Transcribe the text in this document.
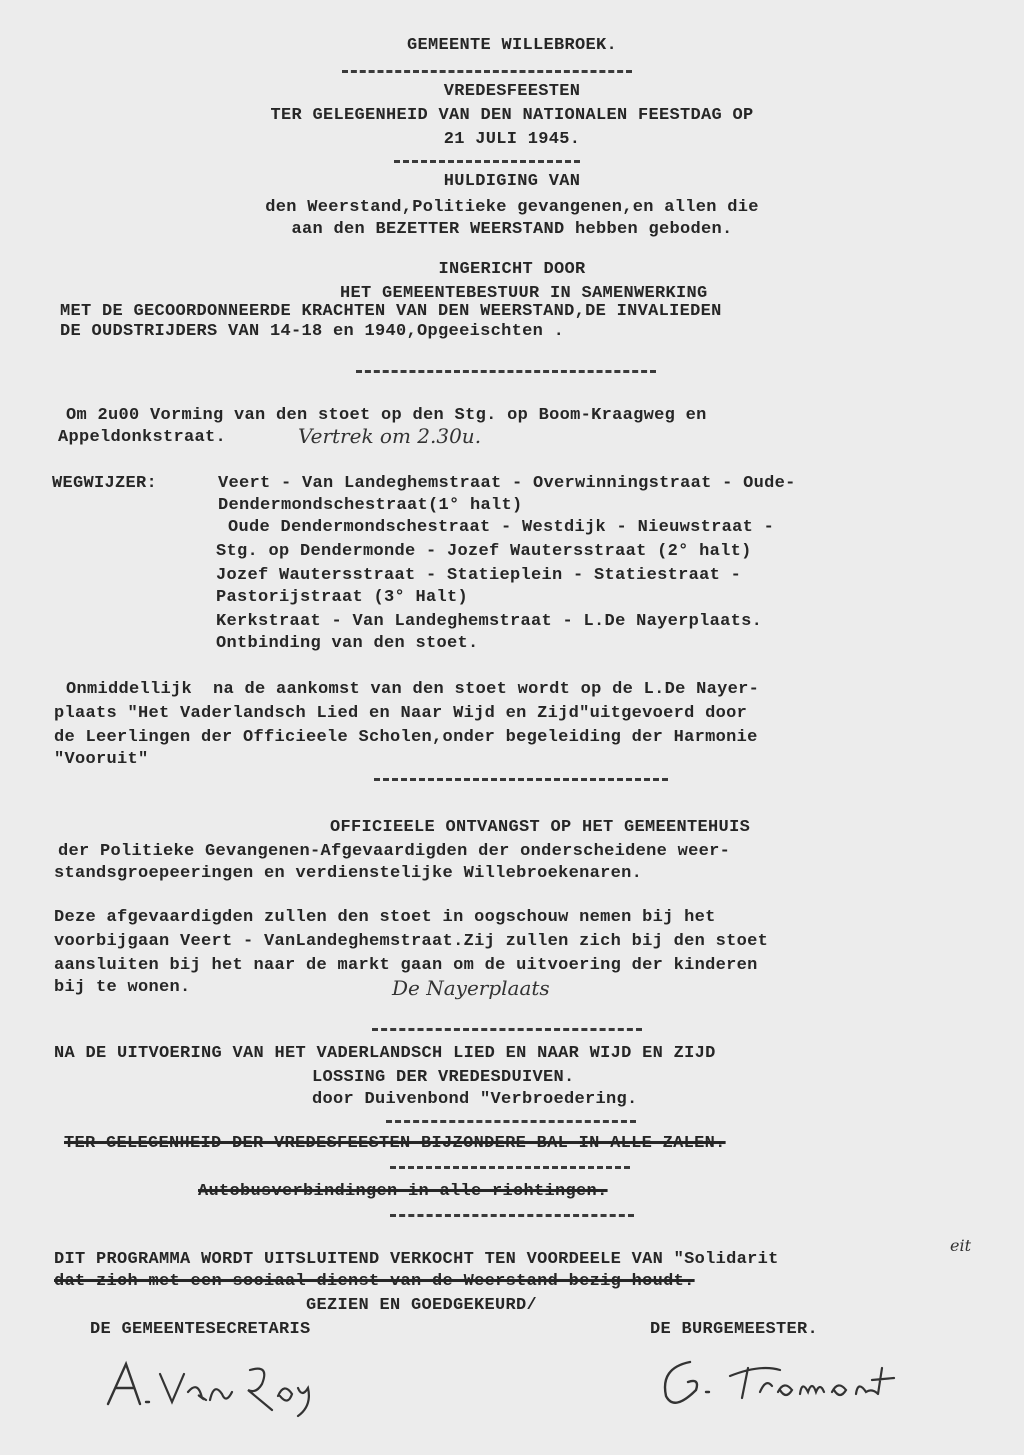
GEMEENTE WILLEBROEK.
VREDESFEESTEN
TER GELEGENHEID VAN DEN NATIONALEN FEESTDAG OP
21 JULI 1945.
HULDIGING VAN
den Weerstand,Politieke gevangenen,en allen die
aan den BEZETTER WEERSTAND hebben geboden.
INGERICHT DOOR
HET GEMEENTEBESTUUR IN SAMENWERKING
MET DE GECOORDONNEERDE KRACHTEN VAN DEN WEERSTAND,DE INVALIEDEN
DE OUDSTRIJDERS VAN 14-18 en 1940,Opgeeischten .
Om 2u00 Vorming van den stoet op den Stg. op Boom-Kraagweg en
Appeldonkstraat.	Vertrek om 2.30u.
WEGWIJZER:	Veert - Van Landeghemstraat - Overwinningstraat - Oude-
Dendermondschestraat(1° halt)
Oude Dendermondschestraat - Westdijk - Nieuwstraat -
Stg. op Dendermonde - Jozef Wautersstraat (2° halt)
Jozef Wautersstraat - Statieplein - Statiestraat -
Pastorijstraat (3° Halt)
Kerkstraat - Van Landeghemstraat - L.De Nayerplaats.
Ontbinding van den stoet.
Onmiddellijk  na de aankomst van den stoet wordt op de L.De Nayer-
plaats "Het Vaderlandsch Lied en Naar Wijd en Zijd"uitgevoerd door
de Leerlingen der Officieele Scholen,onder begeleiding der Harmonie
"Vooruit"
OFFICIEELE ONTVANGST OP HET GEMEENTEHUIS
der Politieke Gevangenen-Afgevaardigden der onderscheidene weer-
standsgroepeeringen en verdienstelijke Willebroekenaren.
Deze afgevaardigden zullen den stoet in oogschouw nemen bij het
voorbijgaan Veert - VanLandeghemstraat.Zij zullen zich bij den stoet
aansluiten bij het naar de markt gaan om de uitvoering der kinderen
bij te wonen.	De Nayerplaats
NA DE UITVOERING VAN HET VADERLANDSCH LIED EN NAAR WIJD EN ZIJD
LOSSING DER VREDESDUIVEN.
door Duivenbond "Verbroedering.
TER GELEGENHEID DER VREDESFEESTEN BIJZONDERE BAL IN ALLE ZALEN.
Autobusverbindingen in alle richtingen.
DIT PROGRAMMA WORDT UITSLUITEND VERKOCHT TEN VOORDEELE VAN "Solidarit
eit
dat zich met een sociaal dienst van de Weerstand bezig houdt.
GEZIEN EN GOEDGEKEURD/
DE GEMEENTESECRETARIS	DE BURGEMEESTER.
